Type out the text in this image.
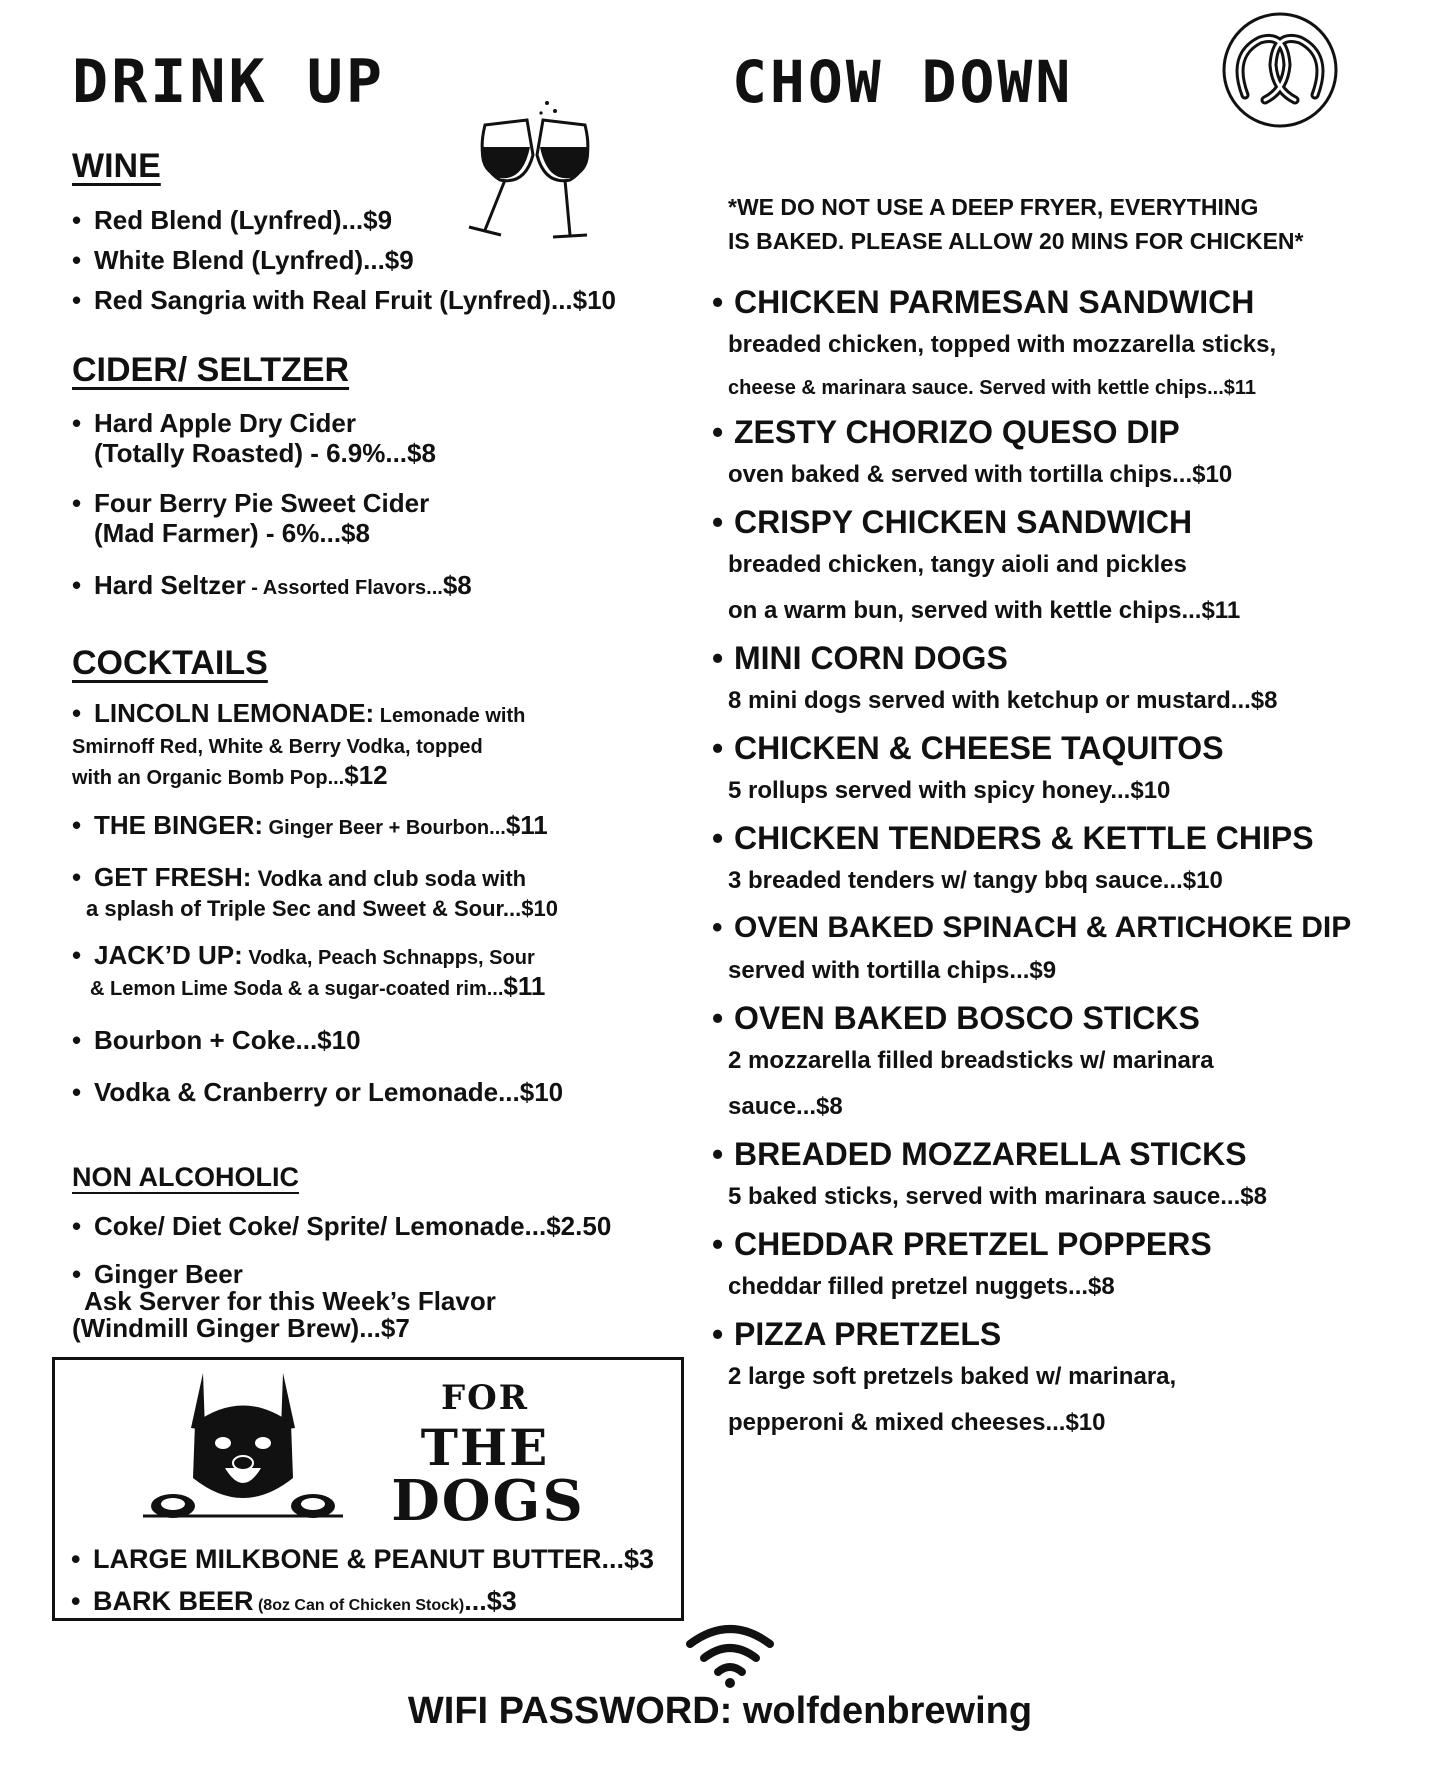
DRINK UP
WINE

• Red Blend (Lynfred)...$9

• White Blend (Lynfred)...$9

• Red Sangria with Real Fruit (Lynfred)...$10

CIDER/ SELTZER

• Hard Apple Dry Cider
(Totally Roasted) - 6.9%...$8

• Four Berry Pie Sweet Cider
(Mad Farmer) - 6%...$8

• Hard Seltzer - Assorted Flavors...$8

COCKTAILS

• LINCOLN LEMONADE: Lemonade with
Smirnoff Red, White & Berry Vodka, topped
with an Organic Bomb Pop...$12

• THE BINGER: Ginger Beer + Bourbon...$11

• GET FRESH: Vodka and club soda with
a splash of Triple Sec and Sweet & Sour...$10

• JACK’D UP: Vodka, Peach Schnapps, Sour
& Lemon Lime Soda & a sugar-coated rim...$11

• Bourbon + Coke...$10

• Vodka & Cranberry or Lemonade...$10

NON ALCOHOLIC

• Coke/ Diet Coke/ Sprite/ Lemonade...$2.50

• Ginger Beer
Ask Server for this Week’s Flavor
(Windmill Ginger Brew)...$7

CHOW DOWN

*WE DO NOT USE A DEEP FRYER, EVERYTHING

IS BAKED. PLEASE ALLOW 20 MINS FOR CHICKEN*

• CHICKEN PARMESAN SANDWICH

breaded chicken, topped with mozzarella sticks,

cheese & marinara sauce. Served with kettle chips...$11

• ZESTY CHORIZO QUESO DIP

oven baked & served with tortilla chips...$10

• CRISPY CHICKEN SANDWICH

breaded chicken, tangy aioli and pickles

on a warm bun, served with kettle chips...$11

• MINI CORN DOGS

8 mini dogs served with ketchup or mustard...$8

• CHICKEN & CHEESE TAQUITOS

5 rollups served with spicy honey...$10

• CHICKEN TENDERS & KETTLE CHIPS

3 breaded tenders w/ tangy bbq sauce...$10

• OVEN BAKED SPINACH & ARTICHOKE DIP

served with tortilla chips...$9

• OVEN BAKED BOSCO STICKS

2 mozzarella filled breadsticks w/ marinara

sauce...$8

• BREADED MOZZARELLA STICKS

5 baked sticks, served with marinara sauce...$8

• CHEDDAR PRETZEL POPPERS

cheddar filled pretzel nuggets...$8

• PIZZA PRETZELS

2 large soft pretzels baked w/ marinara,

pepperoni & mixed cheeses...$10

FOR
THE
DOGS

• LARGE MILKBONE & PEANUT BUTTER...$3

• BARK BEER (8oz Can of Chicken Stock)...$3

WIFI PASSWORD: wolfdenbrewing
